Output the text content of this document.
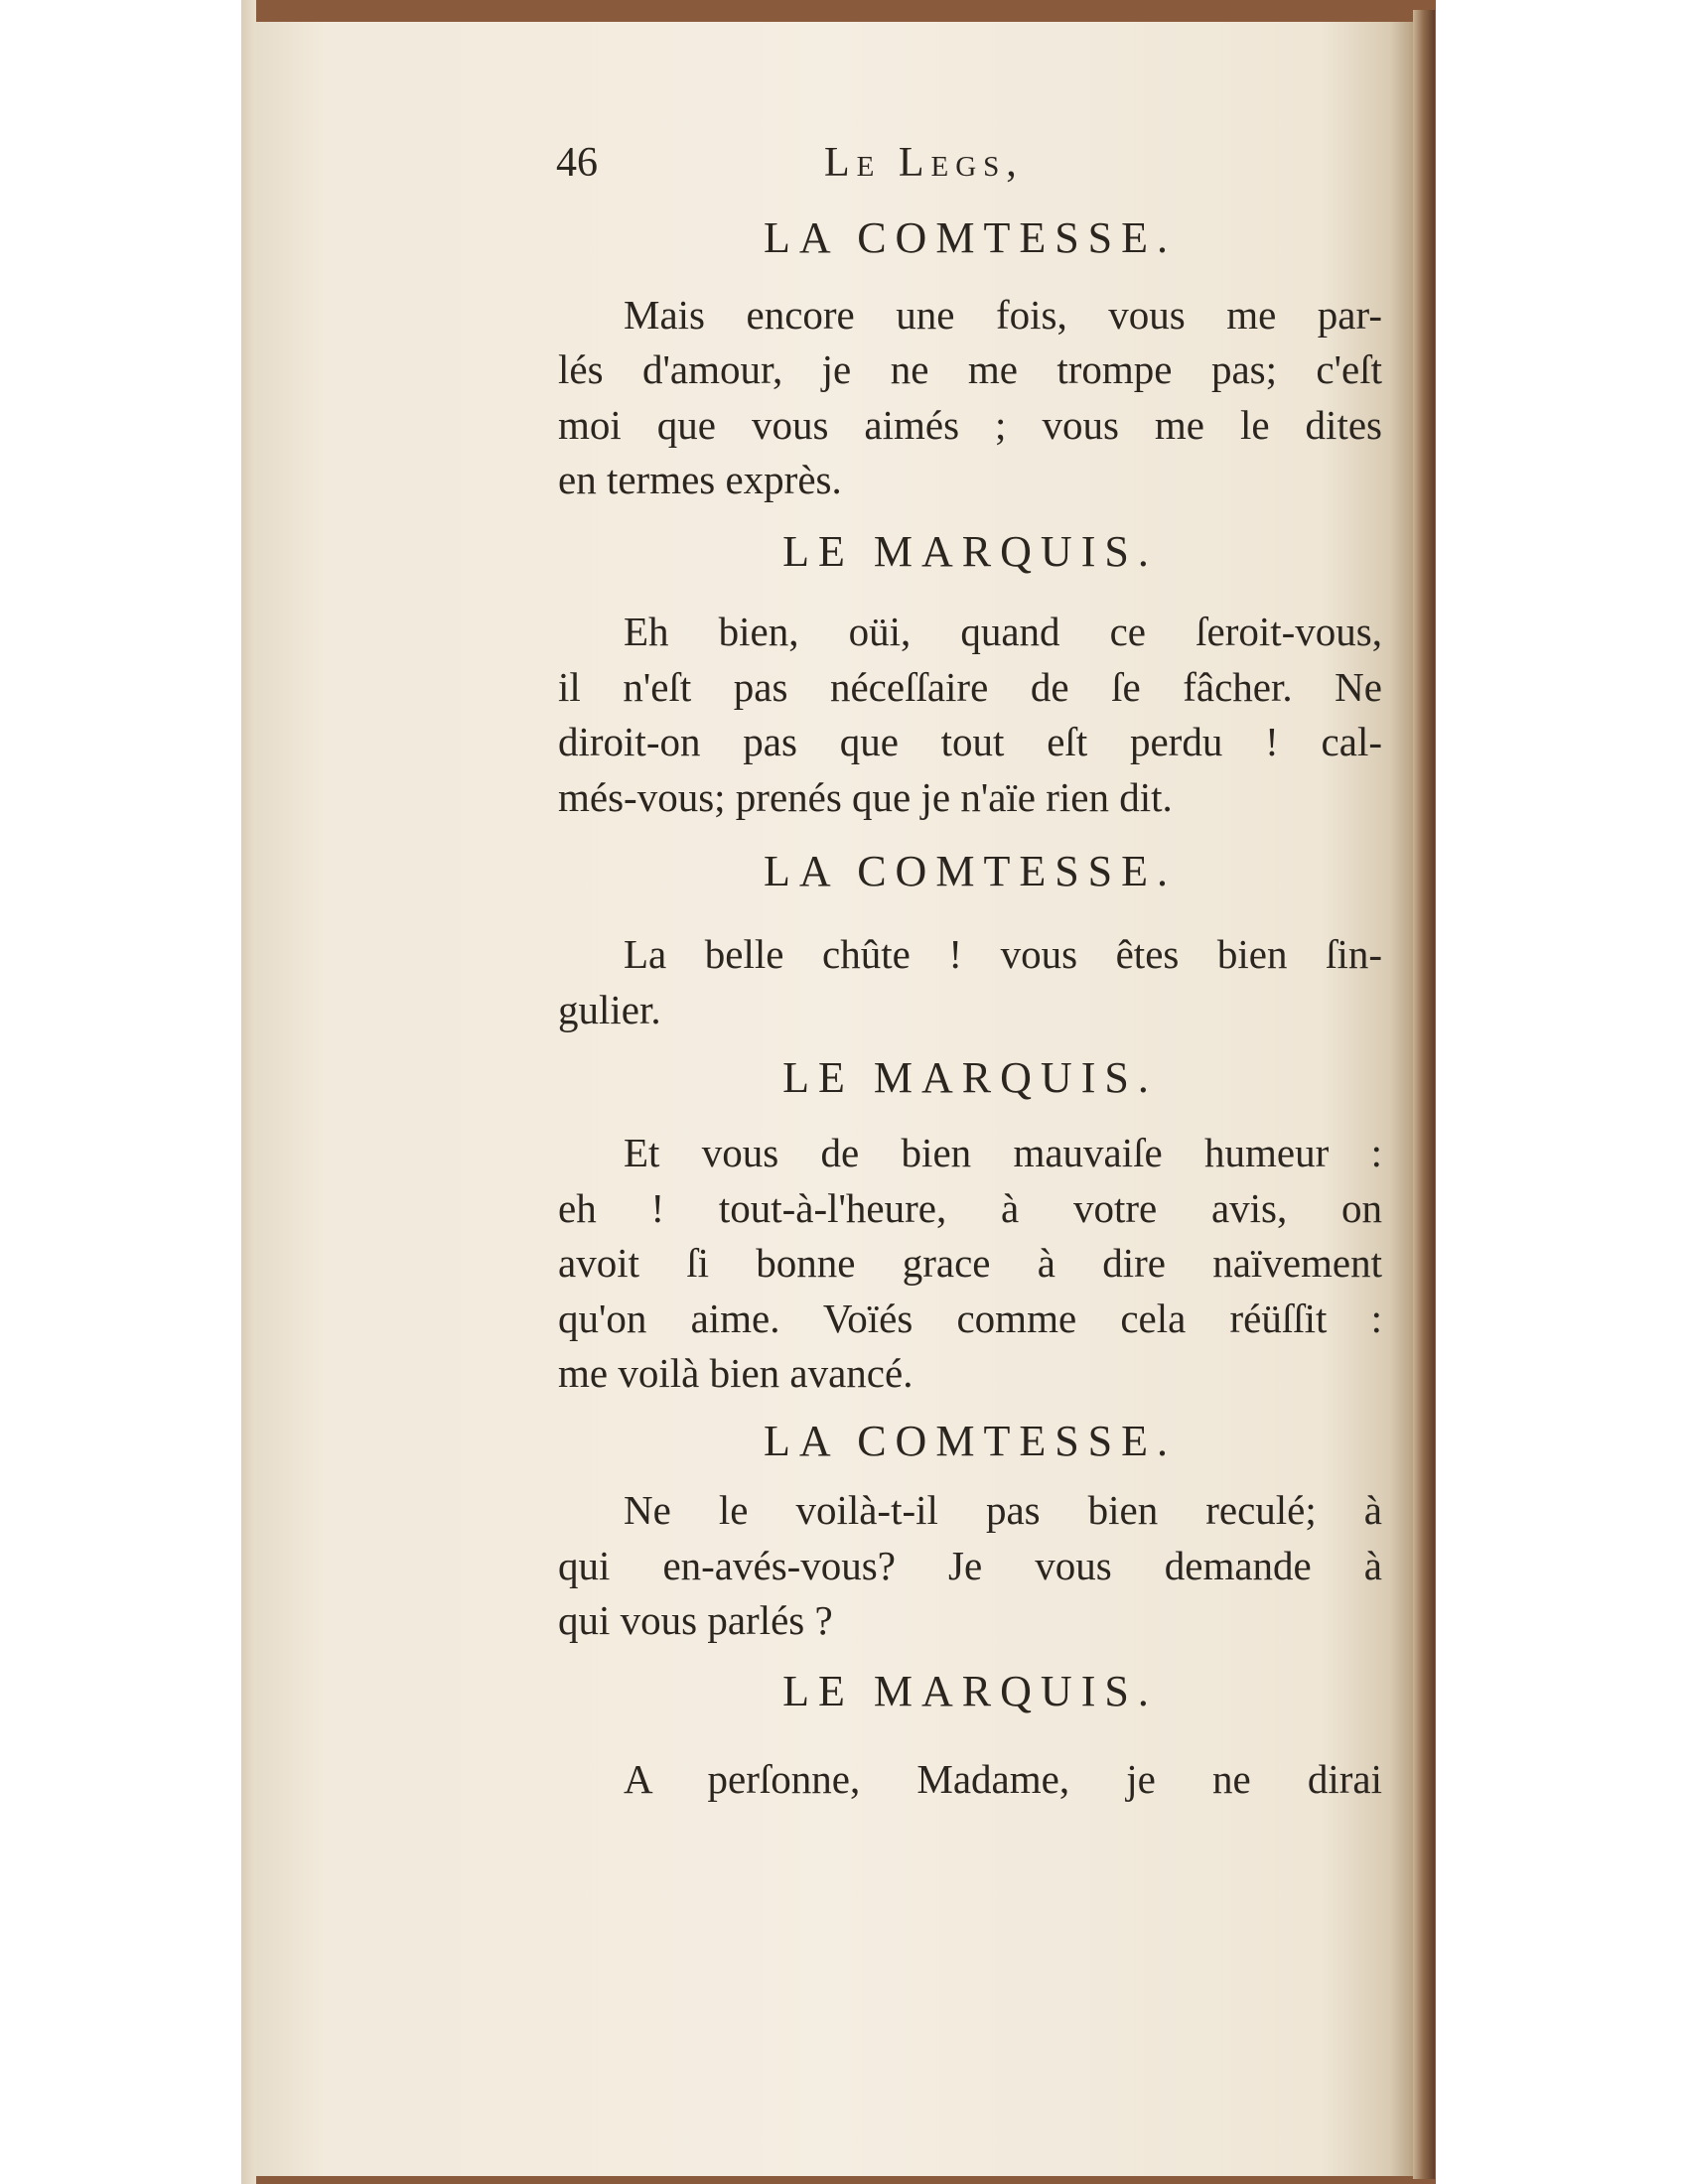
46	Le Legs,
LA COMTESSE.
Mais encore une fois, vous me par-
lés d'amour, je ne me trompe pas; c'eſt
moi que vous aimés ; vous me le dites
en termes exprès.
LE MARQUIS.
Eh bien, oüi, quand ce ſeroit-vous,
il n'eſt pas néceſſaire de ſe fâcher. Ne
diroit-on pas que tout eſt perdu ! cal-
més-vous; prenés que je n'aïe rien dit.
LA COMTESSE.
La belle chûte ! vous êtes bien ſin-
gulier.
LE MARQUIS.
Et vous de bien mauvaiſe humeur :
eh ! tout-à-l'heure, à votre avis, on
avoit ſi bonne grace à dire naïvement
qu'on aime. Voïés comme cela réüſſit :
me voilà bien avancé.
LA COMTESSE.
Ne le voilà-t-il pas bien reculé; à
qui en-avés-vous? Je vous demande à
qui vous parlés ?
LE MARQUIS.
A perſonne, Madame, je ne dirai
